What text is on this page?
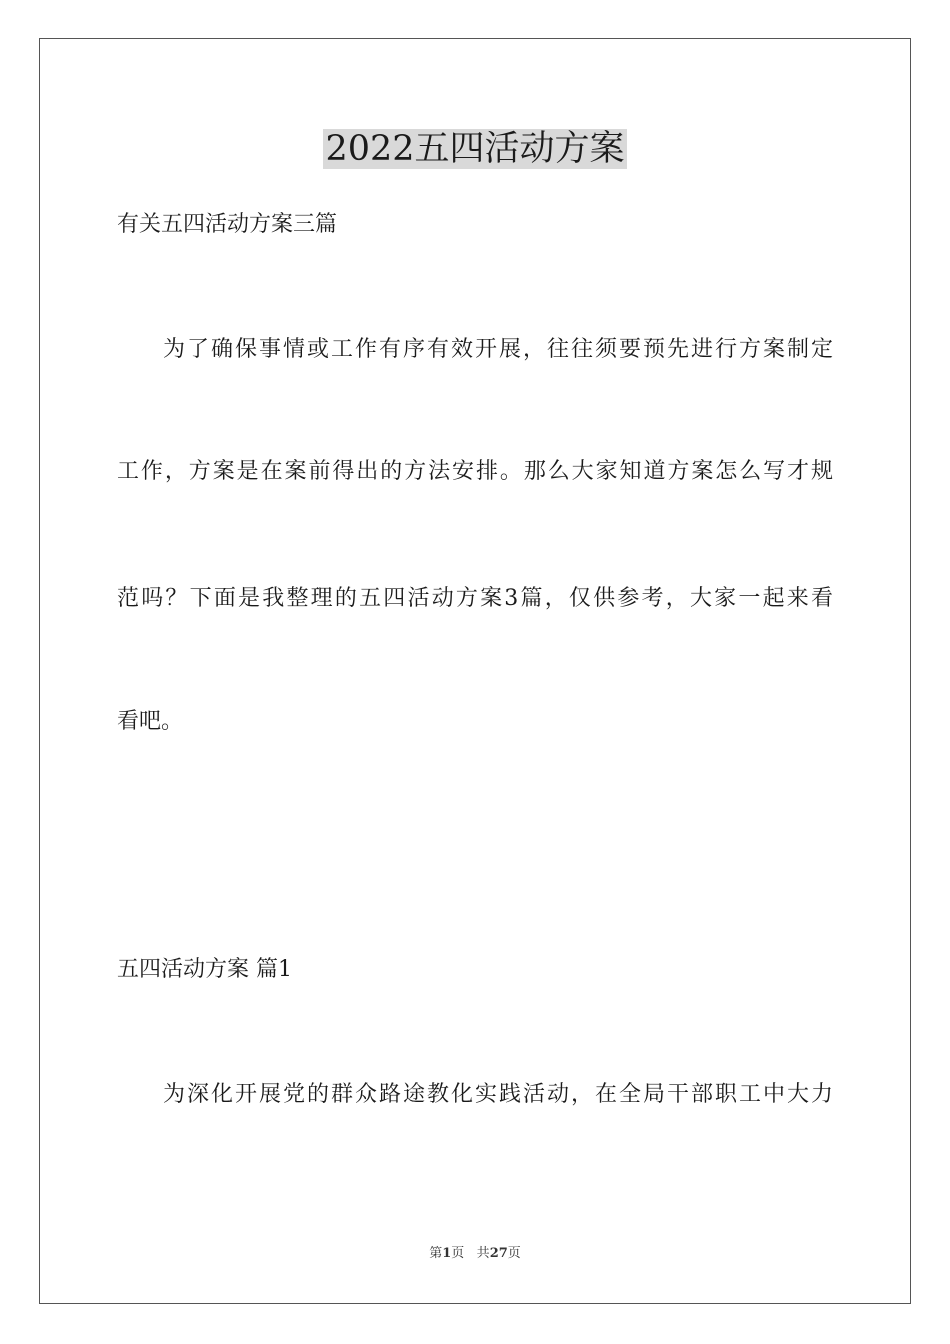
2022五四活动方案

有关五四活动方案三篇

为了确保事情或工作有序有效开展，往往须要预先进行方案制定

工作，方案是在案前得出的方法安排。那么大家知道方案怎么写才规

范吗？下面是我整理的五四活动方案3篇，仅供参考，大家一起来看

看吧。

五四活动方案 篇1

为深化开展党的群众路途教化实践活动，在全局干部职工中大力

第1页 共27页
